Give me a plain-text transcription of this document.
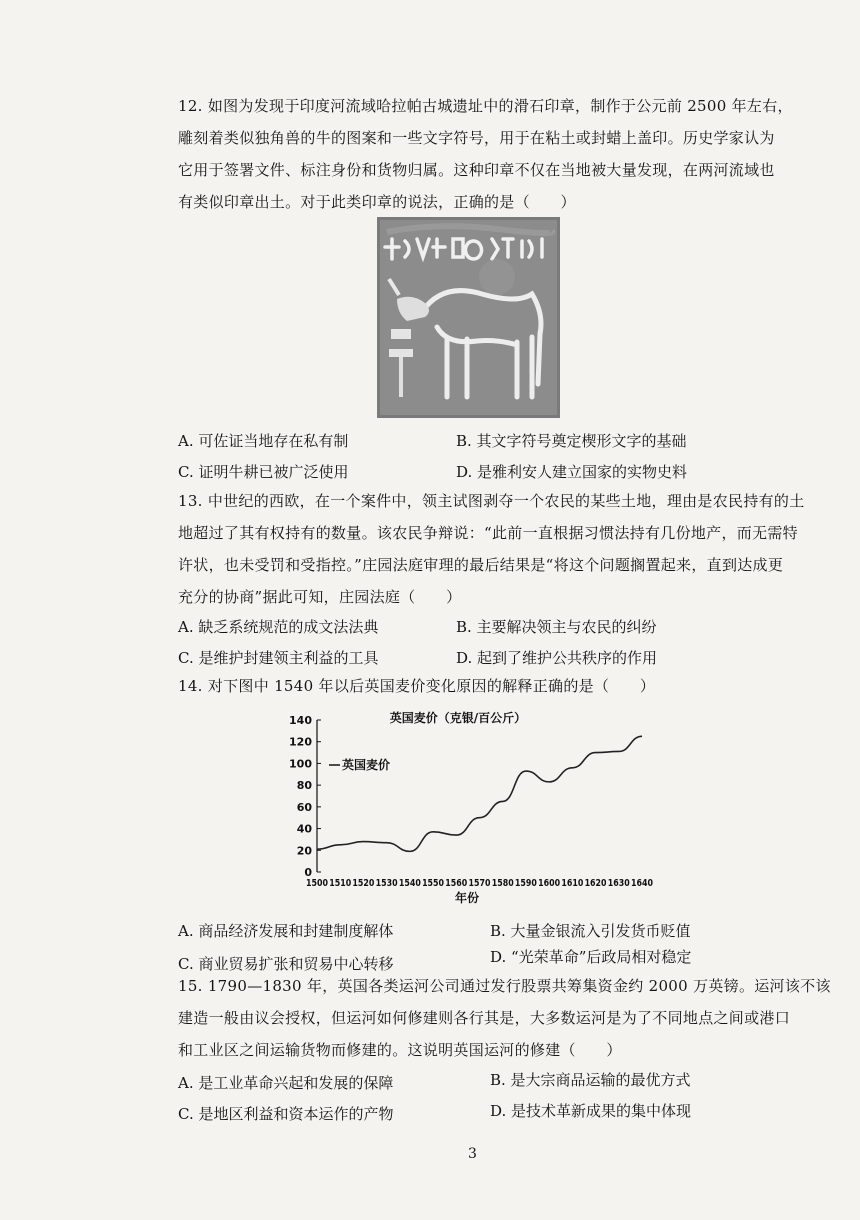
12. 如图为发现于印度河流域哈拉帕古城遗址中的滑石印章，制作于公元前 2500 年左右，
雕刻着类似独角兽的牛的图案和一些文字符号，用于在粘土或封蜡上盖印。历史学家认为
它用于签署文件、标注身份和货物归属。这种印章不仅在当地被大量发现，在两河流域也
有类似印章出土。对于此类印章的说法，正确的是（　　）
A. 可佐证当地存在私有制	B. 其文字符号奠定楔形文字的基础
C. 证明牛耕已被广泛使用	D. 是雅利安人建立国家的实物史料
13. 中世纪的西欧，在一个案件中，领主试图剥夺一个农民的某些土地，理由是农民持有的土
地超过了其有权持有的数量。该农民争辩说：“此前一直根据习惯法持有几份地产，而无需特
许状，也未受罚和受指控。”庄园法庭审理的最后结果是“将这个问题搁置起来，直到达成更
充分的协商”据此可知，庄园法庭（　　）
A. 缺乏系统规范的成文法法典	B. 主要解决领主与农民的纠纷
C. 是维护封建领主利益的工具	D. 起到了维护公共秩序的作用
14. 对下图中 1540 年以后英国麦价变化原因的解释正确的是（　　）
英国麦价（克银/百公斤）
英国麦价
0
20
40
60
80
100
120
140
1500 1510 1520 1530 1540 1550 1560 1570 1580 1590 1600 1610 1620 1630 1640
年份
A. 商品经济发展和封建制度解体	B. 大量金银流入引发货币贬值
C. 商业贸易扩张和贸易中心转移	D. “光荣革命”后政局相对稳定
15. 1790—1830 年，英国各类运河公司通过发行股票共筹集资金约 2000 万英镑。运河该不该
建造一般由议会授权，但运河如何修建则各行其是，大多数运河是为了不同地点之间或港口
和工业区之间运输货物而修建的。这说明英国运河的修建（　　）
A. 是工业革命兴起和发展的保障	B. 是大宗商品运输的最优方式
C. 是地区利益和资本运作的产物	D. 是技术革新成果的集中体现
3
